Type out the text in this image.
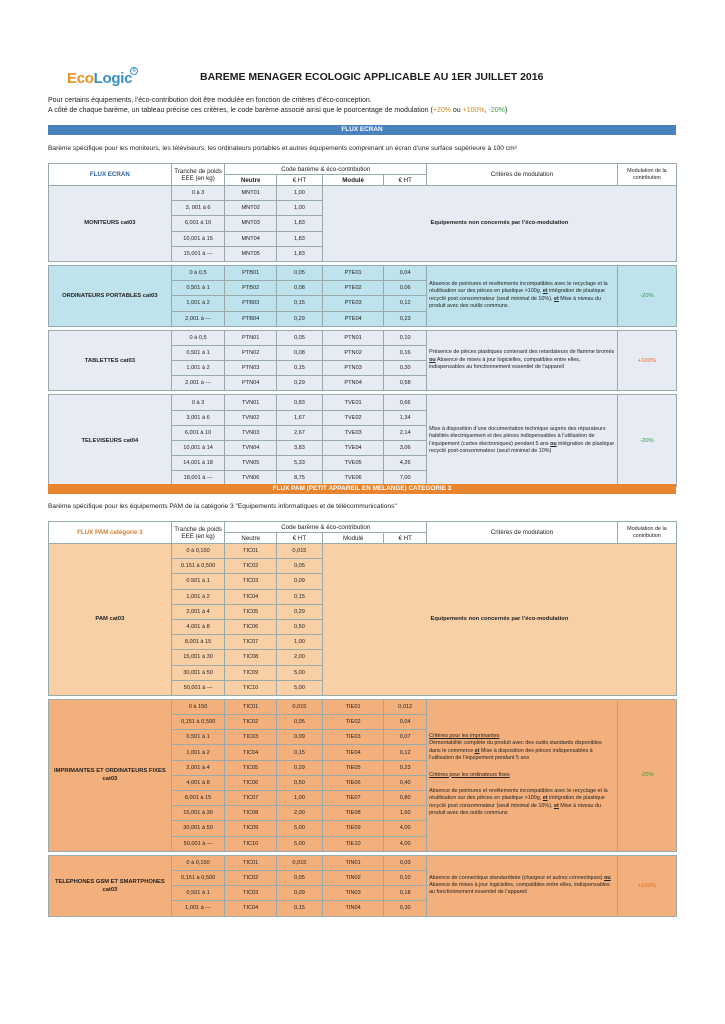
EcoLogic ®	BAREME MENAGER ECOLOGIC APPLICABLE AU 1ER JUILLET 2016
Pour certains équipements, l’éco-contribution doit être modulée en fonction de critères d’éco-conception.
A côté de chaque barème, un tableau précise ces critères, le code barème associé ainsi que le pourcentage de modulation (+20% ou +100%, -20%)
FLUX ECRAN
Barème spécifique pour les moniteurs, les téléviseurs, les ordinateurs portables et autres équipements comprenant un écran d’une surface supérieure à 100 cm²
FLUX ECRAN	Tranche de poids EEE (en kg)	Code barème & éco-contribution				Critères de modulation	Modulation de la contribution
		Neutre	€ HT	Modulé	€ HT		
MONITEURS cat03	0 à 3	MNT01	1,00	Equipements non concernés par l’éco-modulation			
	3, 001 à 6	MNT02	1,00				
	6,001 à 10	MNT03	1,83				
	10,001 à 15	MNT04	1,83				
	15,001 à ---	MNT05	1,83				

ORDINATEURS PORTABLES cat03	0 à 0,5	PTB01	0,05	PTE01	0,04	Absence de peintures et revêtements incompatibles avec le recyclage et la réutilisation sur des pièces en plastique >100g, et intégration de plastique recyclé post consommateur (seuil minimal de 10%), et Mise à niveau du produit avec des outils communs	-20%
	0,501 à 1	PTB02	0,08	PTE02	0,06		
	1,001 à 2	PTB03	0,15	PTE03	0,12		
	2,001 à ---	PTB04	0,29	PTE04	0,23		

TABLETTES cat03	0 à 0,5	PTN01	0,05	PTN01	0,10	Présence de pièces plastiques contenant des retardateurs de flamme bromés ou Absence de mises à jour logicielles, compatibles entre elles, indispensables au fonctionnement essentiel de l’appareil	+100%
	0,501 à 1	PTN02	0,08	PTN02	0,16		
	1,001 à 2	PTN03	0,15	PTN03	0,30		
	2,001 à ---	PTN04	0,29	PTN04	0,58		

TELEVISEURS cat04	0 à 3	TVN01	0,83	TVE01	0,66	Mise à disposition d’une documentation technique auprès des réparateurs habilités électriquement et des pièces indispensables à l’utilisation de l’équipement (cartes électroniques) pendant 5 ans ou intégration de plastique recyclé post-consommateur (seuil minimal de 10%)	-20%
	3,001 à 6	TVN02	1,67	TVE02	1,34		
	6,001 à 10	TVN03	2,67	TVE03	2,14		
	10,001 à 14	TVN04	3,83	TVE04	3,06		
	14,001 à 18	TVN05	5,33	TVE05	4,26		
	18,001 à ---	TVN06	8,75	TVE06	7,00		
FLUX PAM (PETIT APPAREIL EN MELANGE) CATEGORIE 3
Barème spécifique pour les équipements PAM de la catégorie 3 "Equipements informatiques et de télécommunications"
FLUX PAM catégorie 3	Tranche de poids EEE (en kg)	Code barème & éco-contribution				Critères de modulation	Modulation de la contribution
		Neutre	€ HT	Modulé	€ HT		
PAM cat03	0 à 0,150	TIC01	0,015	Equipements non concernés par l’éco-modulation			
	0.151 à 0,500	TIC02	0,05				
	0.501 à 1	TIC03	0,09				
	1,001 à 2	TIC04	0,15				
	2,001 à 4	TIC05	0,29				
	4,001 à 8	TIC06	0,50				
	8,001 à 15	TIC07	1,00				
	15,001 à 30	TIC08	2,00				
	30,001 à 50	TIC09	5,00				
	50,001 à ---	TIC10	5,00				

IMPRIMANTES ET ORDINATEURS FIXES cat03	0 à 150	TIC01	0,015	TIE01	0,012	Critères pour les imprimantes
Démontabilité complète du produit avec des outils standards disponibles dans le commerce et Mise à disposition des pièces indispensables à l’utilisation de l’équipement pendant 5 ans
Critères pour les ordinateurs fixes
Absence de peintures et revêtements incompatibles avec le recyclage et la réutilisation sur des pièces en plastique >100g, et intégration de plastique recyclé post consommateur (seuil minimal de 10%), et Mise à niveau du produit avec des outils communs	-20%
	0,151 à 0,500	TIC02	0,05	TIE02	0,04		
	0,501 à 1	TIC03	0,09	TIE03	0,07		
	1,001 à 2	TIC04	0,15	TIE04	0,12		
	2,001 à 4	TIC05	0,29	TIE05	0,23		
	4,001 à 8	TIC06	0,50	TIE06	0,40		
	8,001 à 15	TIC07	1,00	TIE07	0,80		
	15,001 à 30	TIC08	2,00	TIE08	1,60		
	30,001 à 50	TIC09	5,00	TIE09	4,00		
	50,001 à ---	TIC10	5,00	TIE10	4,00		

TELEPHONES GSM ET SMARTPHONES cat03	0 à 0,150	TIC01	0,015	TIN01	0,03	Absence de connectique standardisée (chargeur et autres connectiques) ou Absence de mises à jour logicielles, compatibles entre elles, indispensables au fonctionnement essentiel de l’appareil	+100%
	0,151 à 0,500	TIC02	0,05	TIN02	0,10		
	0,501 à 1	TIC03	0,09	TIN03	0,18		
	1,001 à ---	TIC04	0,15	TIN04	0,30		
